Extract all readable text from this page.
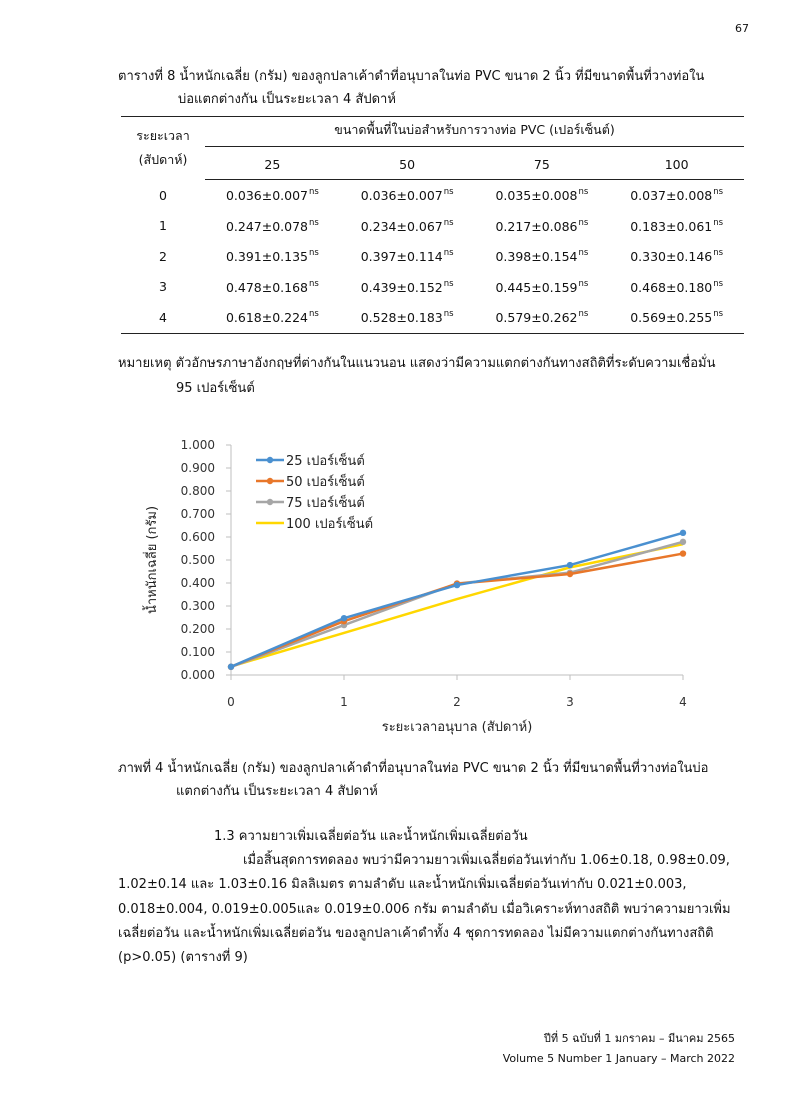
67
ตารางที่ 8 น้ำหนักเฉลี่ย (กรัม) ของลูกปลาเค้าดำที่อนุบาลในท่อ PVC ขนาด 2 นิ้ว ที่มีขนาดพื้นที่วางท่อใน
บ่อแตกต่างกัน เป็นระยะเวลา 4 สัปดาห์
ระยะเวลา
(สัปดาห์)	ขนาดพื้นที่ในบ่อสำหรับการวางท่อ PVC (เปอร์เซ็นต์)			
	25	50	75	100
0	$0.036\pm 0.007^{ns}$	$0.036\pm 0.007^{ns}$	$0.035\pm 0.008^{ns}$	$0.037\pm 0.008^{ns}$
1	$0.247\pm 0.078^{ns}$	$0.234\pm 0.067^{ns}$	$0.217\pm 0.086^{ns}$	$0.183\pm 0.061^{ns}$
2	$0.391\pm 0.135^{ns}$	$0.397\pm 0.114^{ns}$	$0.398\pm 0.154^{ns}$	$0.330\pm 0.146^{ns}$
3	$0.478\pm 0.168^{ns}$	$0.439\pm 0.152^{ns}$	$0.445\pm 0.159^{ns}$	$0.468\pm 0.180^{ns}$
4	$0.618\pm 0.224^{ns}$	$0.528\pm 0.183^{ns}$	$0.579\pm 0.262^{ns}$	$0.569\pm 0.255^{ns}$
หมายเหตุ ตัวอักษรภาษาอังกฤษที่ต่างกันในแนวนอน แสดงว่ามีความแตกต่างกันทางสถิติที่ระดับความเชื่อมั่น
95 เปอร์เซ็นต์
0.000
0.100
0.200
0.300
0.400
0.500
0.600
0.700
0.800
0.900
1.000
0	1	2	3	4
ระยะเวลาอนุบาล (สัปดาห์)
น้ำหนักเฉลี่ย (กรัม)
25 เปอร์เซ็นต์
50 เปอร์เซ็นต์
75 เปอร์เซ็นต์
100 เปอร์เซ็นต์
ภาพที่ 4 น้ำหนักเฉลี่ย (กรัม) ของลูกปลาเค้าดำที่อนุบาลในท่อ PVC ขนาด 2 นิ้ว ที่มีขนาดพื้นที่วางท่อในบ่อ
แตกต่างกัน เป็นระยะเวลา 4 สัปดาห์
1.3 ความยาวเพิ่มเฉลี่ยต่อวัน และน้ำหนักเพิ่มเฉลี่ยต่อวัน
เมื่อสิ้นสุดการทดลอง พบว่ามีความยาวเพิ่มเฉลี่ยต่อวันเท่ากับ 1.06±0.18, 0.98±0.09,
1.02±0.14 และ 1.03±0.16 มิลลิเมตร ตามลำดับ และน้ำหนักเพิ่มเฉลี่ยต่อวันเท่ากับ 0.021±0.003,
0.018±0.004, 0.019±0.005และ 0.019±0.006 กรัม ตามลำดับ เมื่อวิเคราะห์ทางสถิติ พบว่าความยาวเพิ่ม
เฉลี่ยต่อวัน และน้ำหนักเพิ่มเฉลี่ยต่อวัน ของลูกปลาเค้าดำทั้ง 4 ชุดการทดลอง ไม่มีความแตกต่างกันทางสถิติ
(p>0.05) (ตารางที่ 9)
ปีที่ 5 ฉบับที่ 1 มกราคม – มีนาคม 2565
Volume 5 Number 1 January – March 2022
